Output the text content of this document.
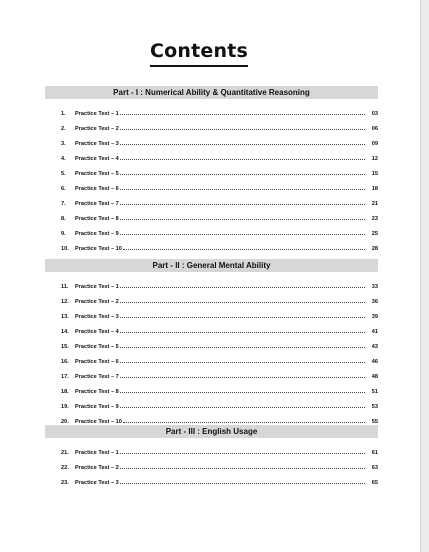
Contents
Part - I : Numerical Ability & Quantitative Reasoning
1.	Practice Test – 1	03
2.	Practice Test – 2	06
3.	Practice Test – 3	09
4.	Practice Test – 4	12
5.	Practice Test – 5	15
6.	Practice Test – 6	18
7.	Practice Test – 7	21
8.	Practice Test – 8	23
9.	Practice Test – 9	25
10.	Practice Test – 10	28
Part - II : General Mental Ability
11.	Practice Test – 1	33
12.	Practice Test – 2	36
13.	Practice Test – 3	39
14.	Practice Test – 4	41
15.	Practice Test – 5	43
16.	Practice Test – 6	46
17.	Practice Test – 7	48
18.	Practice Test – 8	51
19.	Practice Test – 9	53
20.	Practice Test – 10	55
Part - III : English Usage
21.	Practice Test – 1	61
22.	Practice Test – 2	63
23.	Practice Test – 3	65
